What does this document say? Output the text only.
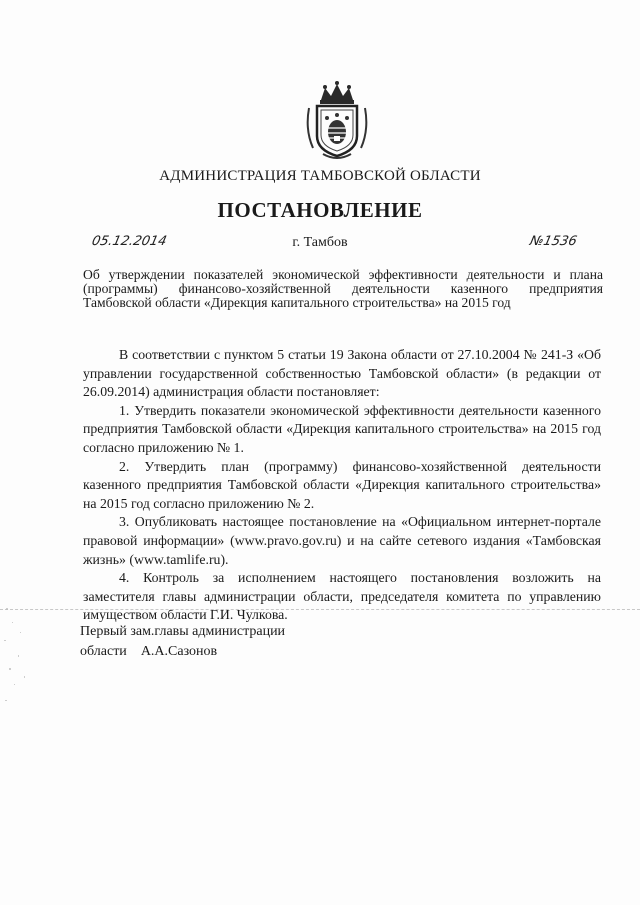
АДМИНИСТРАЦИЯ ТАМБОВСКОЙ ОБЛАСТИ
ПОСТАНОВЛЕНИЕ
05.12.2014	г. Тамбов	№1536
Об утверждении показателей экономической эффективности деятельности и плана (программы) финансово-хозяйственной деятельности казенного предприятия Тамбовской области «Дирекция капитального строительства» на 2015 год

В соответствии с пунктом 5 статьи 19 Закона области от 27.10.2004 № 241-З «Об управлении государственной собственностью Тамбовской области» (в редакции от 26.09.2014) администрация области постановляет:

1. Утвердить показатели экономической эффективности деятельности казенного предприятия Тамбовской области «Дирекция капитального строительства» на 2015 год согласно приложению № 1.

2. Утвердить план (программу) финансово-хозяйственной деятельности казенного предприятия Тамбовской области «Дирекция капитального строительства» на 2015 год согласно приложению № 2.

3. Опубликовать настоящее постановление на «Официальном интернет-портале правовой информации» (www.pravo.gov.ru) и на сайте сетевого издания «Тамбовская жизнь» (www.tamlife.ru).

4. Контроль за исполнением настоящего постановления возложить на заместителя главы администрации области, председателя комитета по управлению имуществом области Г.И. Чулкова.

Первый зам.главы администрации
области А.А.Сазонов
